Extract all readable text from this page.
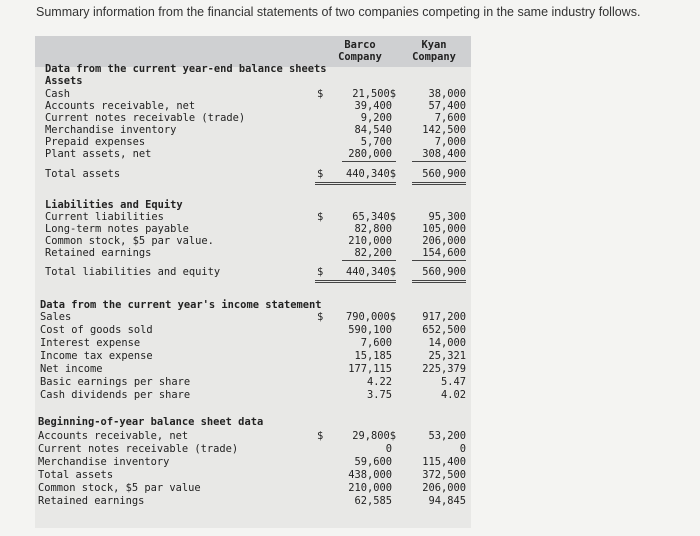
Summary information from the financial statements of two companies competing in the same industry follows.
Barco
Company
Kyan
Company
Data from the current year-end balance sheets
Assets
$
Cash	21,500$	38,000
Accounts receivable, net	39,400	57,400
Current notes receivable (trade)	9,200	7,600
Merchandise inventory	84,540	142,500
Prepaid expenses	5,700	7,000
Plant assets, net	280,000	308,400
Total assets	$	440,340$	560,900
Liabilities and Equity
$
Current liabilities	65,340$	95,300
Long-term notes payable	82,800	105,000
Common stock, $5 par value.	210,000	206,000
Retained earnings	82,200	154,600
Total liabilities and equity	$	440,340$	560,900
Data from the current year's income statement
$
Sales	790,000$	917,200
Cost of goods sold	590,100	652,500
Interest expense	7,600	14,000
Income tax expense	15,185	25,321
Net income	177,115	225,379
Basic earnings per share	4.22	5.47
Cash dividends per share	3.75	4.02
Beginning-of-year balance sheet data
$
Accounts receivable, net	29,800$	53,200
Current notes receivable (trade)	0	0
Merchandise inventory	59,600	115,400
Total assets	438,000	372,500
Common stock, $5 par value	210,000	206,000
Retained earnings	62,585	94,845
